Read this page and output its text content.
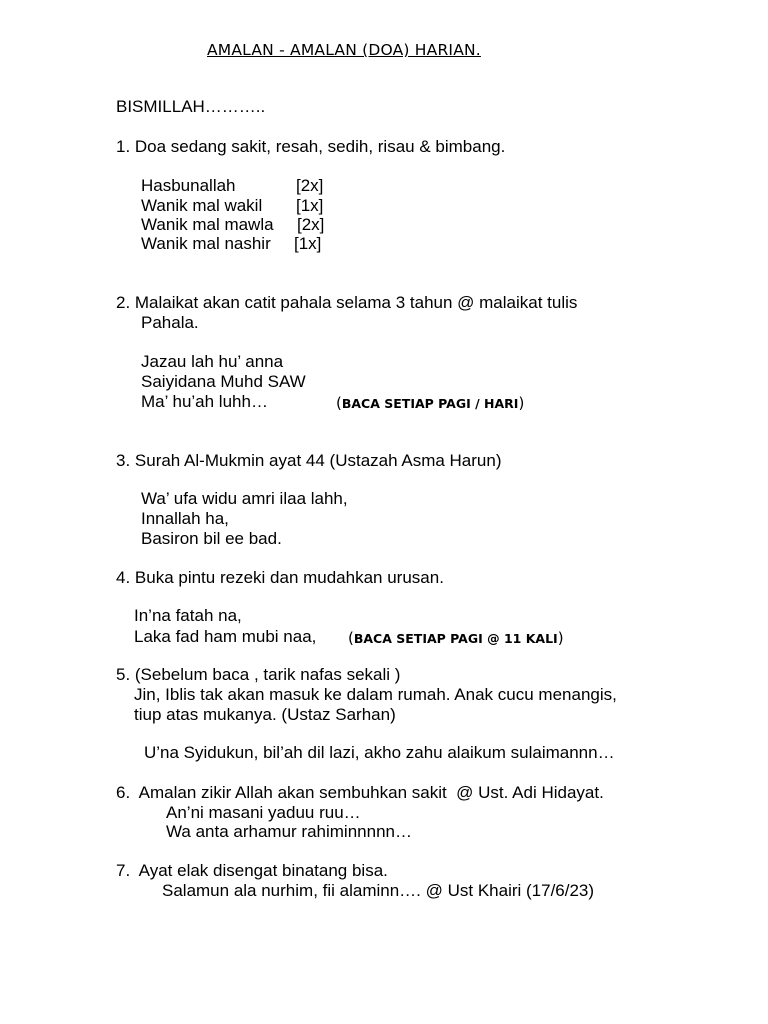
AMALAN - AMALAN (DOA) HARIAN.
BISMILLAH………..
1. Doa sedang sakit, resah, sedih, risau & bimbang.
Hasbunallah	[2x]
Wanik mal wakil [1x]
Wanik mal mawla [2x]
Wanik mal nashir [1x]
2. Malaikat akan catit pahala selama 3 tahun @ malaikat tulis
Pahala.
Jazau lah hu’ anna
Saiyidana Muhd SAW
Ma’ hu’ah luhh…	(BACA SETIAP PAGI / HARI)
3. Surah Al-Mukmin ayat 44 (Ustazah Asma Harun)
Wa’ ufa widu amri ilaa lahh,
Innallah ha,
Basiron bil ee bad.
4. Buka pintu rezeki dan mudahkan urusan.
In’na fatah na,
Laka fad ham mubi naa, (BACA SETIAP PAGI @ 11 KALI)
5. (Sebelum baca , tarik nafas sekali )
Jin, Iblis tak akan masuk ke dalam rumah. Anak cucu menangis,
tiup atas mukanya. (Ustaz Sarhan)
U’na Syidukun, bil’ah dil lazi, akho zahu alaikum sulaimannn…
6.  Amalan zikir Allah akan sembuhkan sakit  @ Ust. Adi Hidayat.
An’ni masani yaduu ruu…
Wa anta arhamur rahiminnnnn…
7.  Ayat elak disengat binatang bisa.
Salamun ala nurhim, fii alaminn…. @ Ust Khairi (17/6/23)
